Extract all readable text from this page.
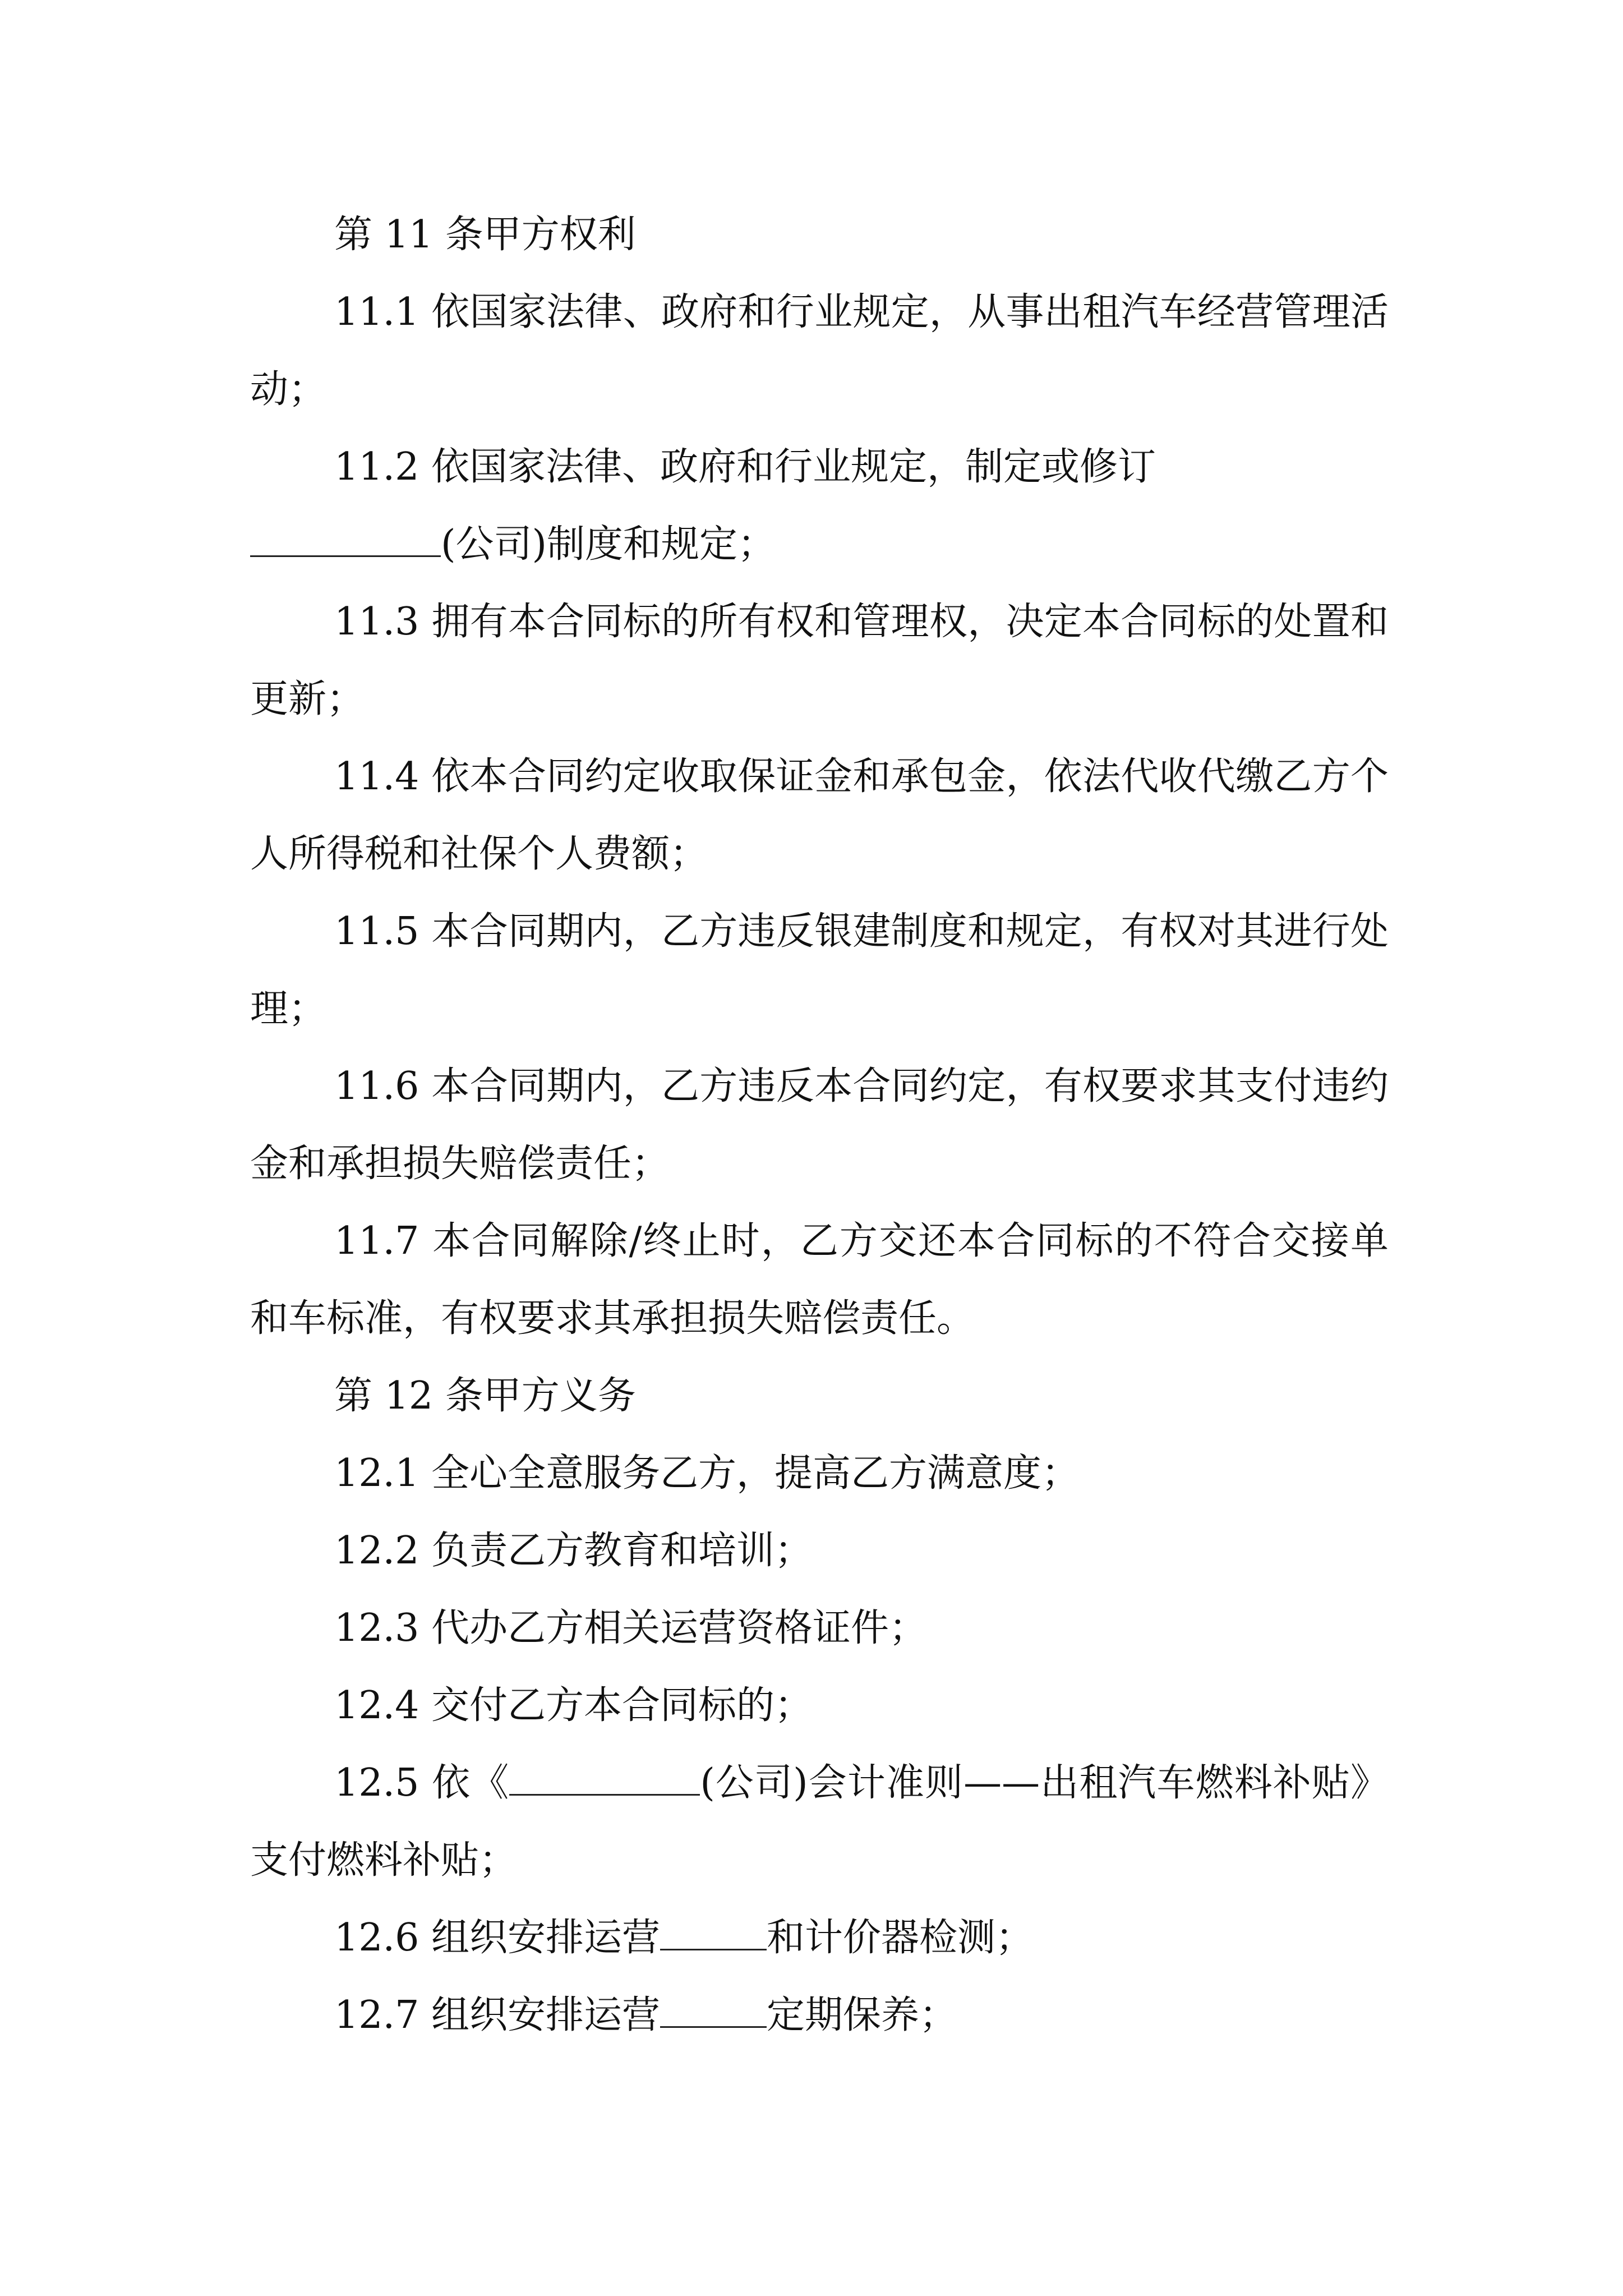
第 11 条甲方权利

11.1 依国家法律、政府和行业规定，从事出租汽车经营管理活动；

11.2 依国家法律、政府和行业规定，制定或修订
(公司)制度和规定；

11.3 拥有本合同标的所有权和管理权，决定本合同标的处置和更新；

11.4 依本合同约定收取保证金和承包金，依法代收代缴乙方个人所得税和社保个人费额；

11.5 本合同期内，乙方违反银建制度和规定，有权对其进行处理；

11.6 本合同期内，乙方违反本合同约定，有权要求其支付违约金和承担损失赔偿责任；

11.7 本合同解除/终止时，乙方交还本合同标的不符合交接单和车标准，有权要求其承担损失赔偿责任。

第 12 条甲方义务

12.1 全心全意服务乙方，提高乙方满意度；

12.2 负责乙方教育和培训；

12.3 代办乙方相关运营资格证件；

12.4 交付乙方本合同标的；

12.5 依《	(公司)会计准则——出租汽车燃料补贴》支付燃料补贴；

12.6 组织安排运营	和计价器检测；

12.7 组织安排运营	定期保养；
